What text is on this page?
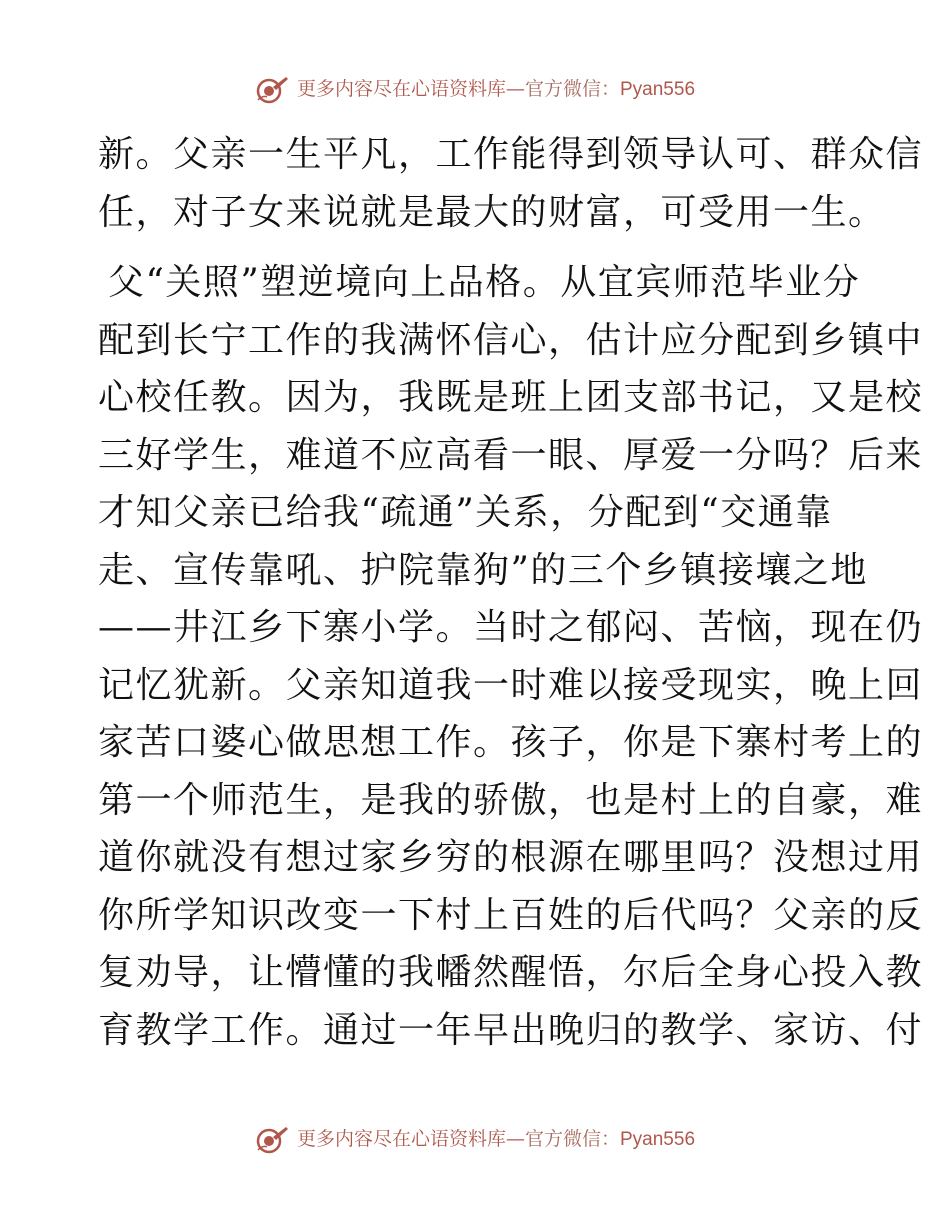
更多内容尽在心语资料库—官方微信：Pyan556

新。父亲一生平凡，工作能得到领导认可、群众信
任，对子女来说就是最大的财富，可受用一生。

父“关照”塑逆境向上品格。从宜宾师范毕业分
配到长宁工作的我满怀信心，估计应分配到乡镇中
心校任教。因为，我既是班上团支部书记，又是校
三好学生，难道不应高看一眼、厚爱一分吗？后来
才知父亲已给我“疏通”关系，分配到“交通靠
走、宣传靠吼、护院靠狗”的三个乡镇接壤之地
——井江乡下寨小学。当时之郁闷、苦恼，现在仍
记忆犹新。父亲知道我一时难以接受现实，晚上回
家苦口婆心做思想工作。孩子，你是下寨村考上的
第一个师范生，是我的骄傲，也是村上的自豪，难
道你就没有想过家乡穷的根源在哪里吗？没想过用
你所学知识改变一下村上百姓的后代吗？父亲的反
复劝导，让懵懂的我幡然醒悟，尔后全身心投入教
育教学工作。通过一年早出晚归的教学、家访、付

更多内容尽在心语资料库—官方微信：Pyan556
